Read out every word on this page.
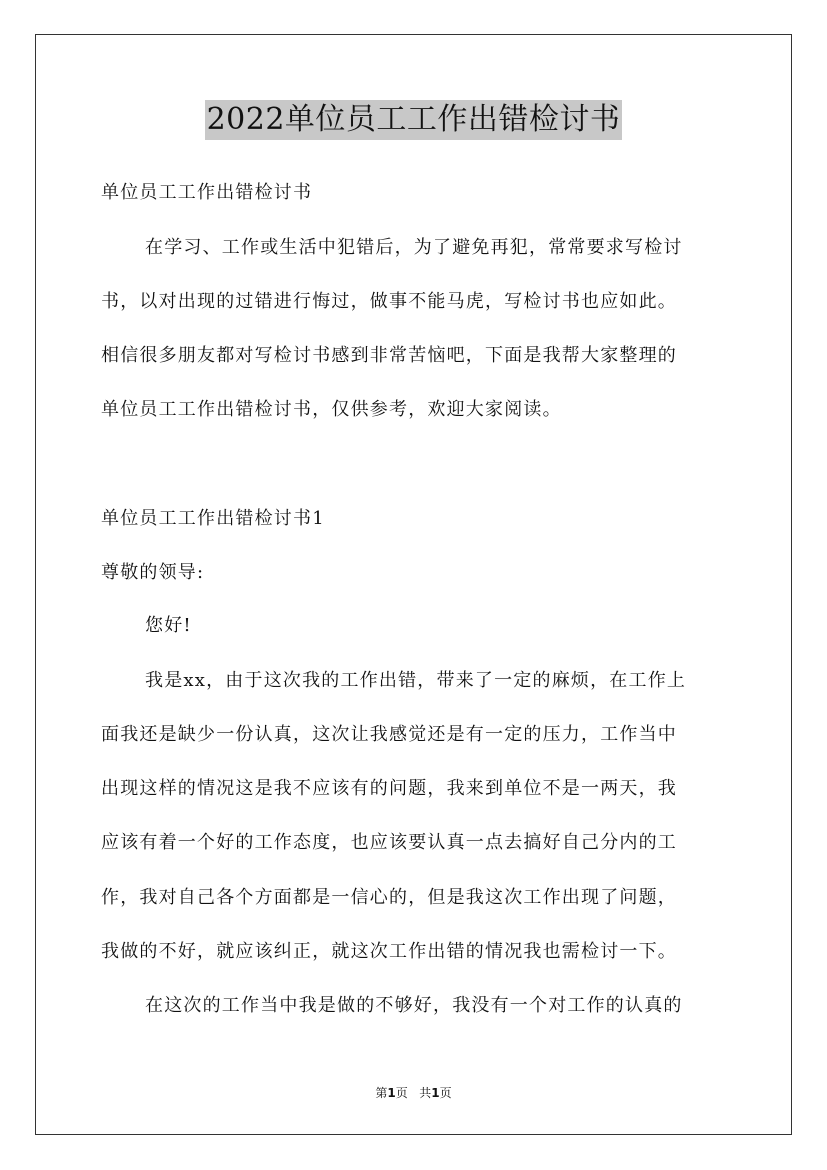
2022单位员工工作出错检讨书
单位员工工作出错检讨书
在学习、工作或生活中犯错后，为了避免再犯，常常要求写检讨
书，以对出现的过错进行悔过，做事不能马虎，写检讨书也应如此。
相信很多朋友都对写检讨书感到非常苦恼吧，下面是我帮大家整理的
单位员工工作出错检讨书，仅供参考，欢迎大家阅读。
单位员工工作出错检讨书1
尊敬的领导:
您好!
我是xx，由于这次我的工作出错，带来了一定的麻烦，在工作上
面我还是缺少一份认真，这次让我感觉还是有一定的压力，工作当中
出现这样的情况这是我不应该有的问题，我来到单位不是一两天，我
应该有着一个好的工作态度，也应该要认真一点去搞好自己分内的工
作，我对自己各个方面都是一信心的，但是我这次工作出现了问题，
我做的不好，就应该纠正，就这次工作出错的情况我也需检讨一下。
在这次的工作当中我是做的不够好，我没有一个对工作的认真的
第1页 共1页
